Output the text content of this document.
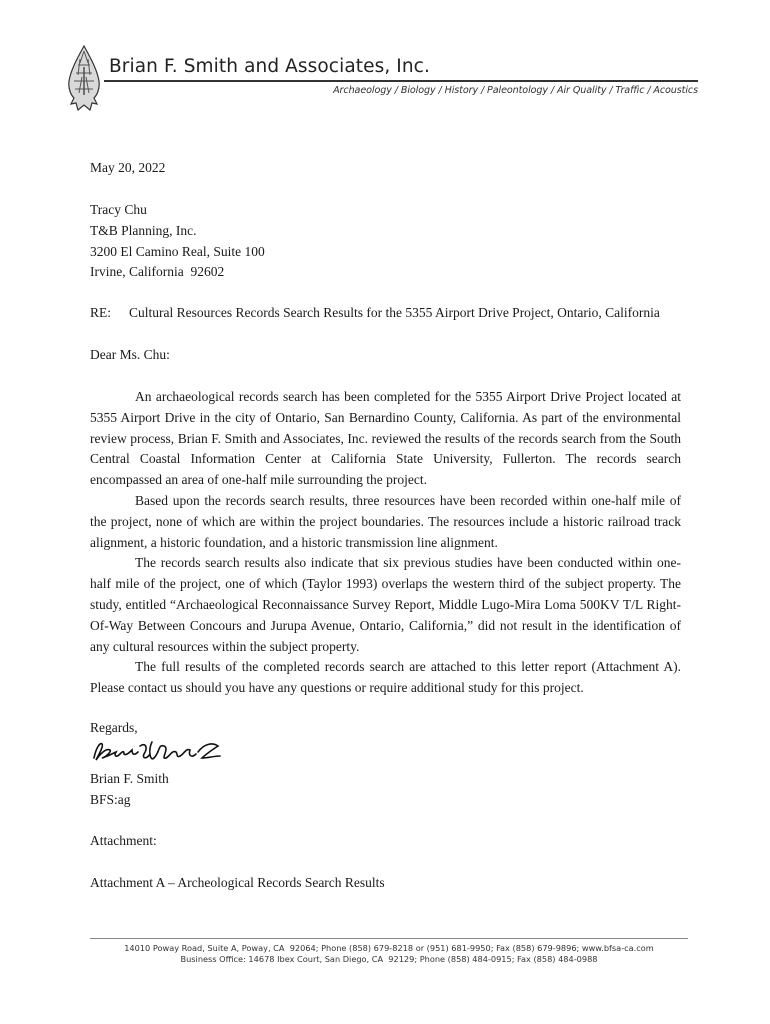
Brian F. Smith and Associates, Inc.
Archaeology / Biology / History / Paleontology / Air Quality / Traffic / Acoustics
May 20, 2022
Tracy Chu
T&B Planning, Inc.
3200 El Camino Real, Suite 100
Irvine, California  92602
RE: Cultural Resources Records Search Results for the 5355 Airport Drive Project, Ontario, California
Dear Ms. Chu:

An archaeological records search has been completed for the 5355 Airport Drive Project located at 5355 Airport Drive in the city of Ontario, San Bernardino County, California. As part of the environmental review process, Brian F. Smith and Associates, Inc. reviewed the results of the records search from the South Central Coastal Information Center at California State University, Fullerton. The records search encompassed an area of one-half mile surrounding the project.

Based upon the records search results, three resources have been recorded within one-half mile of the project, none of which are within the project boundaries. The resources include a historic railroad track alignment, a historic foundation, and a historic transmission line alignment.

The records search results also indicate that six previous studies have been conducted within one-half mile of the project, one of which (Taylor 1993) overlaps the western third of the subject property. The study, entitled “Archaeological Reconnaissance Survey Report, Middle Lugo-Mira Loma 500KV T/L Right-Of-Way Between Concours and Jurupa Avenue, Ontario, California,” did not result in the identification of any cultural resources within the subject property.

The full results of the completed records search are attached to this letter report (Attachment A). Please contact us should you have any questions or require additional study for this project.

Regards,
Brian F. Smith
BFS:ag
Attachment:
Attachment A – Archeological Records Search Results
14010 Poway Road, Suite A, Poway, CA  92064; Phone (858) 679-8218 or (951) 681-9950; Fax (858) 679-9896; www.bfsa-ca.com
Business Office: 14678 Ibex Court, San Diego, CA  92129; Phone (858) 484-0915; Fax (858) 484-0988
